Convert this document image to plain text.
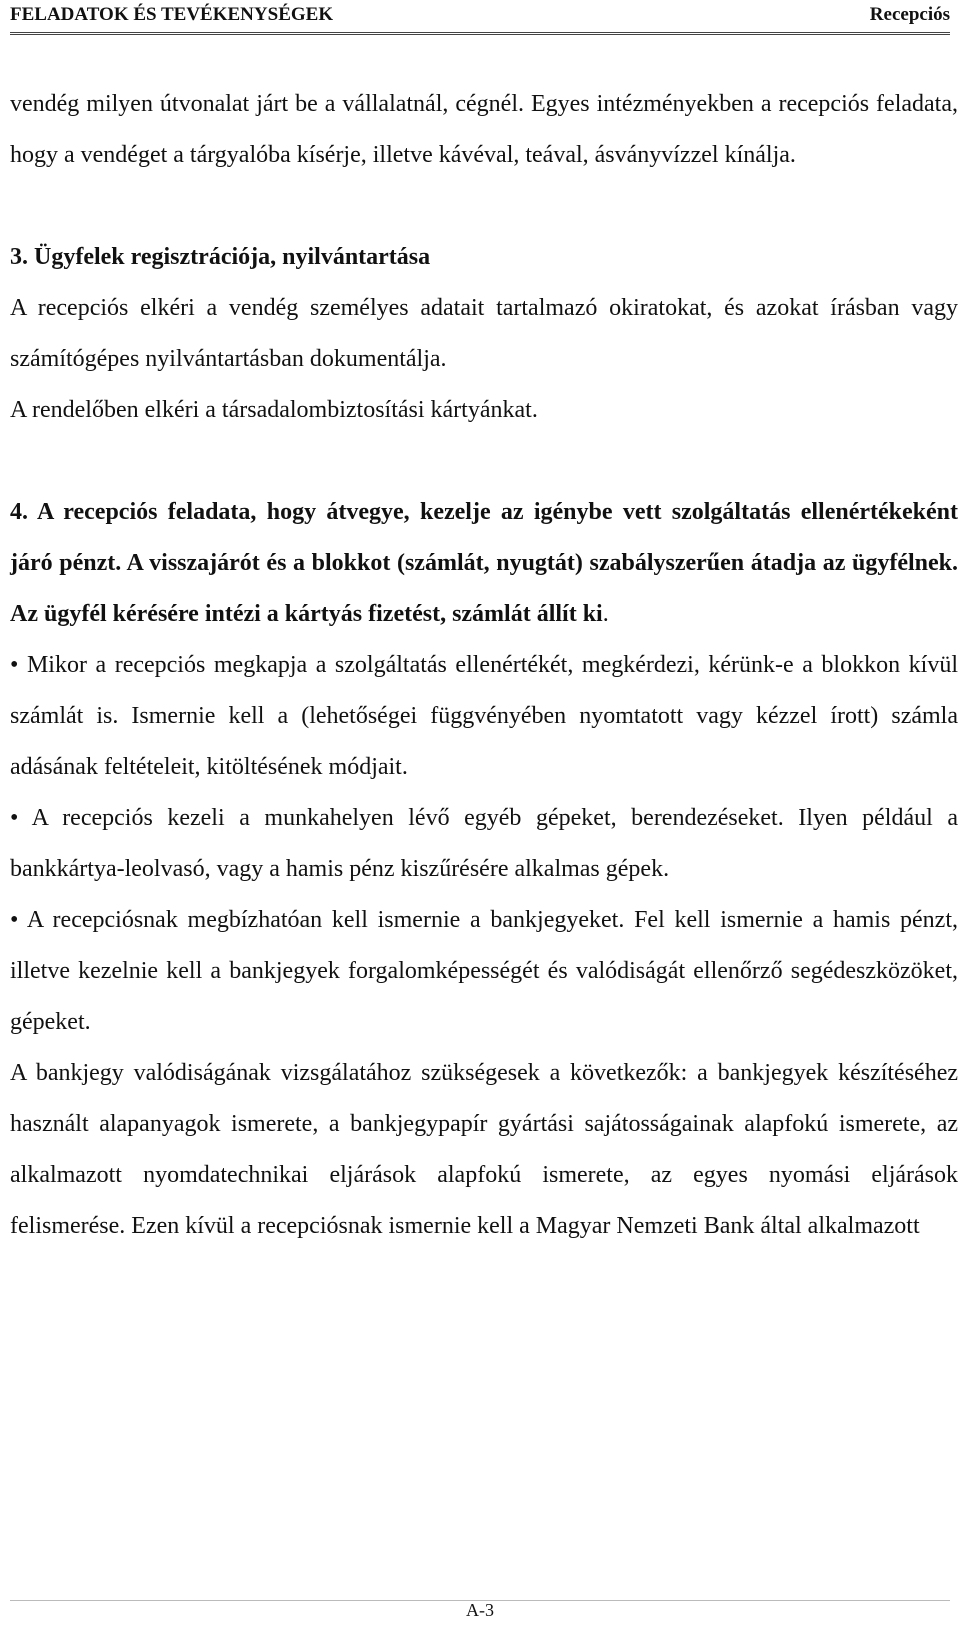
FELADATOK ÉS TEVÉKENYSÉGEK	Recepciós

vendég milyen útvonalat járt be a vállalatnál, cégnél. Egyes intézményekben a recepciós feladata, hogy a vendéget a tárgyalóba kísérje, illetve kávéval, teával, ásványvízzel kínálja.

3. Ügyfelek regisztrációja, nyilvántartása

A recepciós elkéri a vendég személyes adatait tartalmazó okiratokat, és azokat írásban vagy számítógépes nyilvántartásban dokumentálja.

A rendelőben elkéri a társadalombiztosítási kártyánkat.

4. A recepciós feladata, hogy átvegye, kezelje az igénybe vett szolgáltatás ellenértékeként járó pénzt. A visszajárót és a blokkot (számlát, nyugtát) szabályszerűen átadja az ügyfélnek. Az ügyfél kérésére intézi a kártyás fizetést, számlát állít ki.

• Mikor a recepciós megkapja a szolgáltatás ellenértékét, megkérdezi, kérünk-e a blokkon kívül számlát is. Ismernie kell a (lehetőségei függvényében nyomtatott vagy kézzel írott) számla adásának feltételeit, kitöltésének módjait.

• A recepciós kezeli a munkahelyen lévő egyéb gépeket, berendezéseket. Ilyen például a bankkártya-leolvasó, vagy a hamis pénz kiszűrésére alkalmas gépek.

• A recepciósnak megbízhatóan kell ismernie a bankjegyeket. Fel kell ismernie a hamis pénzt, illetve kezelnie kell a bankjegyek forgalomképességét és valódiságát ellenőrző segédeszközöket, gépeket.

A bankjegy valódiságának vizsgálatához szükségesek a következők: a bankjegyek készítéséhez használt alapanyagok ismerete, a bankjegypapír gyártási sajátosságainak alapfokú ismerete, az alkalmazott nyomdatechnikai eljárások alapfokú ismerete, az egyes nyomási eljárások felismerése. Ezen kívül a recepciósnak ismernie kell a Magyar Nemzeti Bank által alkalmazott

A-3
